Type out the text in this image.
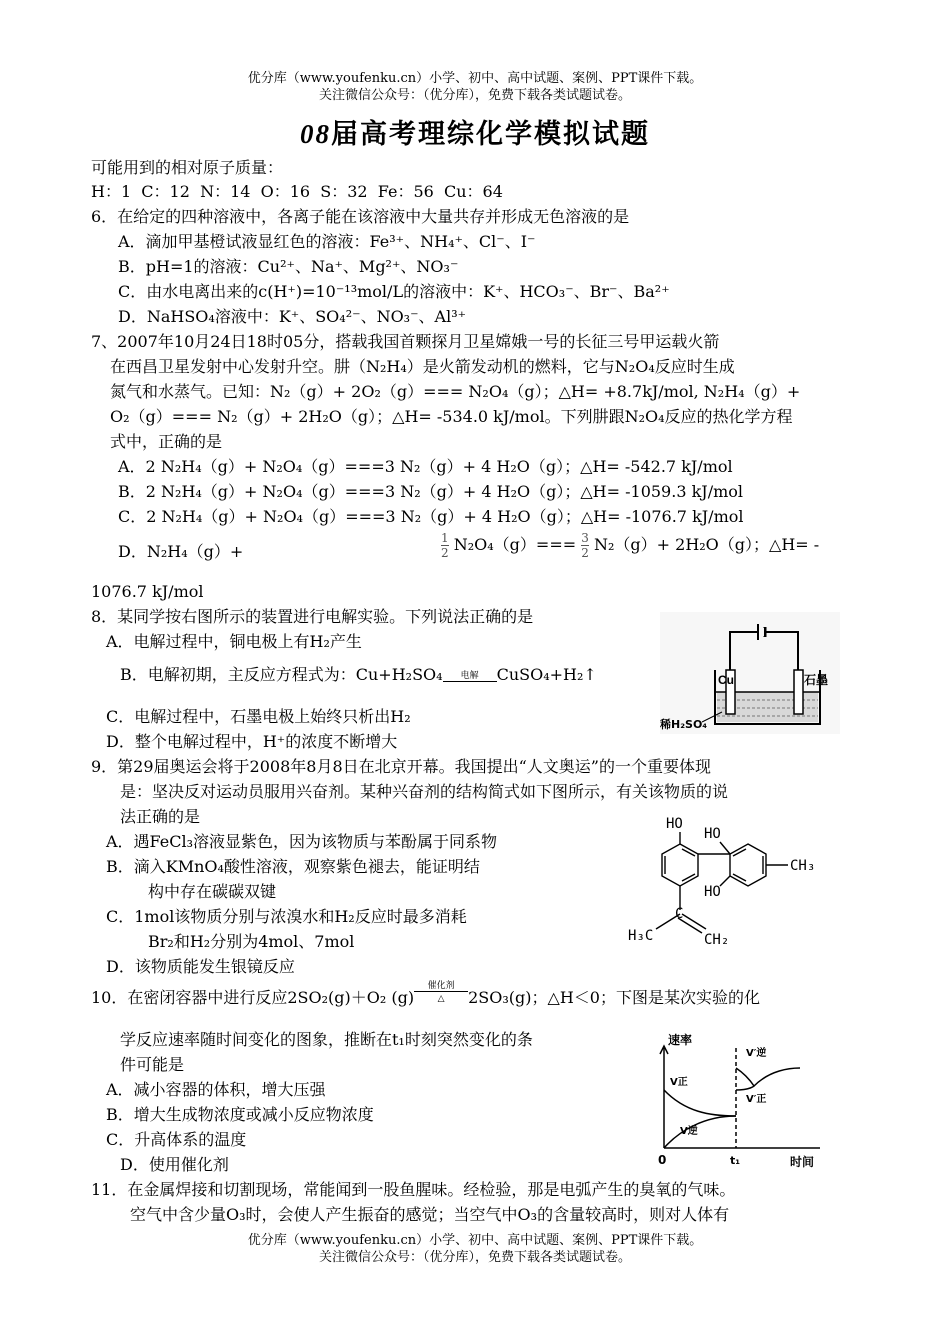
优分库（www.youfenku.cn）小学、初中、高中试题、案例、PPT课件下载。
关注微信公众号：（优分库），免费下载各类试题试卷。
08届高考理综化学模拟试题
可能用到的相对原子质量：
H：1  C：12  N：14  O：16  S：32  Fe：56  Cu：64
6．在给定的四种溶液中，各离子能在该溶液中大量共存并形成无色溶液的是
A．滴加甲基橙试液显红色的溶液：Fe³⁺、NH₄⁺、Cl⁻、I⁻
B．pH=1的溶液：Cu²⁺、Na⁺、Mg²⁺、NO₃⁻
C．由水电离出来的c(H⁺)=10⁻¹³mol/L的溶液中：K⁺、HCO₃⁻、Br⁻、Ba²⁺
D．NaHSO₄溶液中：K⁺、SO₄²⁻、NO₃⁻、Al³⁺
7、2007年10月24日18时05分，搭载我国首颗探月卫星嫦娥一号的长征三号甲运载火箭
在西昌卫星发射中心发射升空。肼（N₂H₄）是火箭发动机的燃料，它与N₂O₄反应时生成
氮气和水蒸气。已知：N₂（g）+ 2O₂（g）=== N₂O₄（g）；△H= +8.7kJ/mol, N₂H₄（g）+
O₂（g）=== N₂（g）+ 2H₂O（g）；△H= -534.0 kJ/mol。下列肼跟N₂O₄反应的热化学方程
式中，正确的是
A．2 N₂H₄（g）+ N₂O₄（g）===3 N₂（g）+ 4 H₂O（g）；△H= -542.7 kJ/mol
B．2 N₂H₄（g）+ N₂O₄（g）===3 N₂（g）+ 4 H₂O（g）；△H= -1059.3 kJ/mol
C．2 N₂H₄（g）+ N₂O₄（g）===3 N₂（g）+ 4 H₂O（g）；△H= -1076.7 kJ/mol
D．N₂H₄（g）+	$\frac{1}{2} N_2O_4(g)=== \frac{3}{2} N_2(g)+ 2H_2O(g)$；△H= -
1076.7 kJ/mol
8．某同学按右图所示的装置进行电解实验。下列说法正确的是
A．电解过程中，铜电极上有H₂产生
B．电解初期，主反应方程式为：Cu+H₂SO₄	电解	CuSO₄+H₂↑
C．电解过程中，石墨电极上始终只析出H₂
D．整个电解过程中，H⁺的浓度不断增大
Cu	石墨
稀H₂SO₄
9．第29届奥运会将于2008年8月8日在北京开幕。我国提出“人文奥运”的一个重要体现
是：坚决反对运动员服用兴奋剂。某种兴奋剂的结构简式如下图所示，有关该物质的说
法正确的是
A．遇FeCl₃溶液显紫色，因为该物质与苯酚属于同系物
B．滴入KMnO₄酸性溶液，观察紫色褪去，能证明结
构中存在碳碳双键
C．1mol该物质分别与浓溴水和H₂反应时最多消耗
Br₂和H₂分别为4mol、7mol
D．该物质能发生银镜反应
HO
HO
HO
CH₃
C
H₃C	CH₂
10．在密闭容器中进行反应2SO₂(g)＋O₂ (g)
催化剂
△	2SO₃(g)；△H＜0；下图是某次实验的化
学反应速率随时间变化的图象，推断在t₁时刻突然变化的条
件可能是
A．减小容器的体积，增大压强
B．增大生成物浓度或减小反应物浓度
C．升高体系的温度
D．使用催化剂
速率
时间
0	t₁
V正
V逆
V′逆
V′正
11．在金属焊接和切割现场，常能闻到一股鱼腥味。经检验，那是电弧产生的臭氧的气味。
空气中含少量O₃时，会使人产生振奋的感觉；当空气中O₃的含量较高时，则对人体有
优分库（www.youfenku.cn）小学、初中、高中试题、案例、PPT课件下载。
关注微信公众号：（优分库），免费下载各类试题试卷。
